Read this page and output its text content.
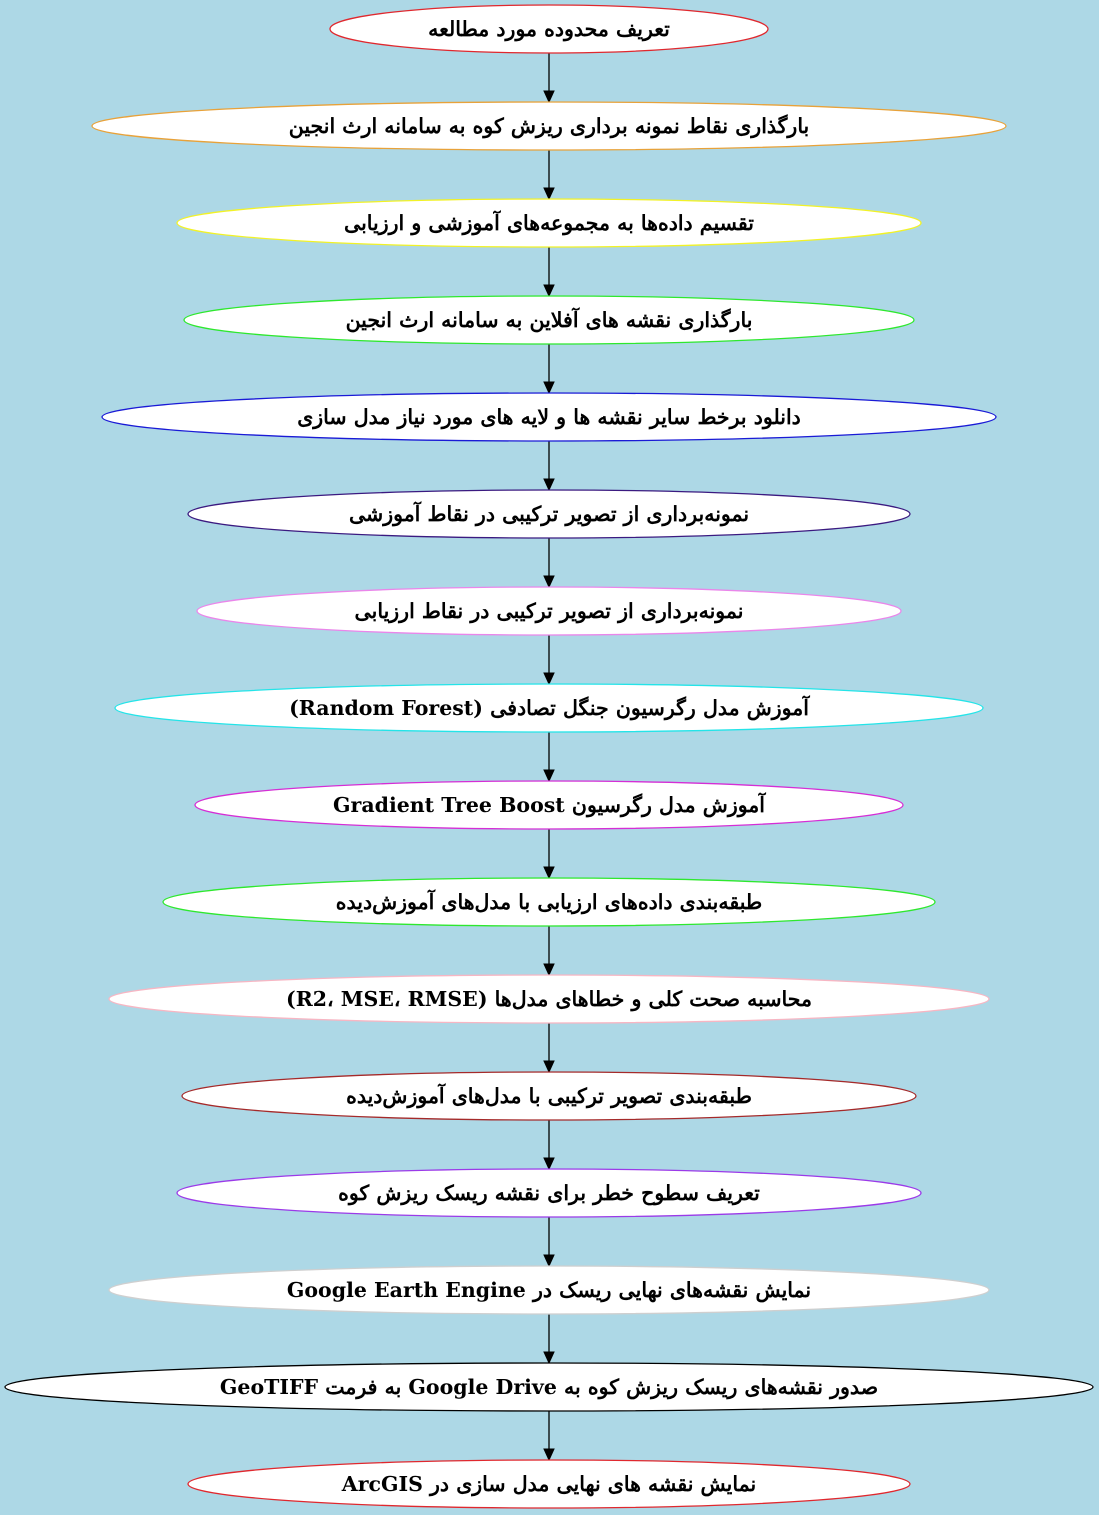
تعریف محدوده مورد مطالعه
بارگذاری نقاط نمونه برداری ریزش کوه به سامانه ارث انجین
تقسیم داده‌ها به مجموعه‌های آموزشی و ارزیابی
بارگذاری نقشه های آفلاین به سامانه ارث انجین
دانلود برخط سایر نقشه ها و لایه های مورد نیاز مدل سازی
نمونه‌برداری از تصویر ترکیبی در نقاط آموزشی
نمونه‌برداری از تصویر ترکیبی در نقاط ارزیابی
آموزش مدل رگرسیون جنگل تصادفی (Random Forest)
آموزش مدل رگرسیون Gradient Tree Boost
طبقه‌بندی داده‌های ارزیابی با مدل‌های آموزش‌دیده
محاسبه صحت کلی و خطاهای مدل‌ها (R2، MSE، RMSE)
طبقه‌بندی تصویر ترکیبی با مدل‌های آموزش‌دیده
تعریف سطوح خطر برای نقشه ریسک ریزش کوه
نمایش نقشه‌های نهایی ریسک در Google Earth Engine
صدور نقشه‌های ریسک ریزش کوه به Google Drive به فرمت GeoTIFF
نمایش نقشه های نهایی مدل سازی در ArcGIS
